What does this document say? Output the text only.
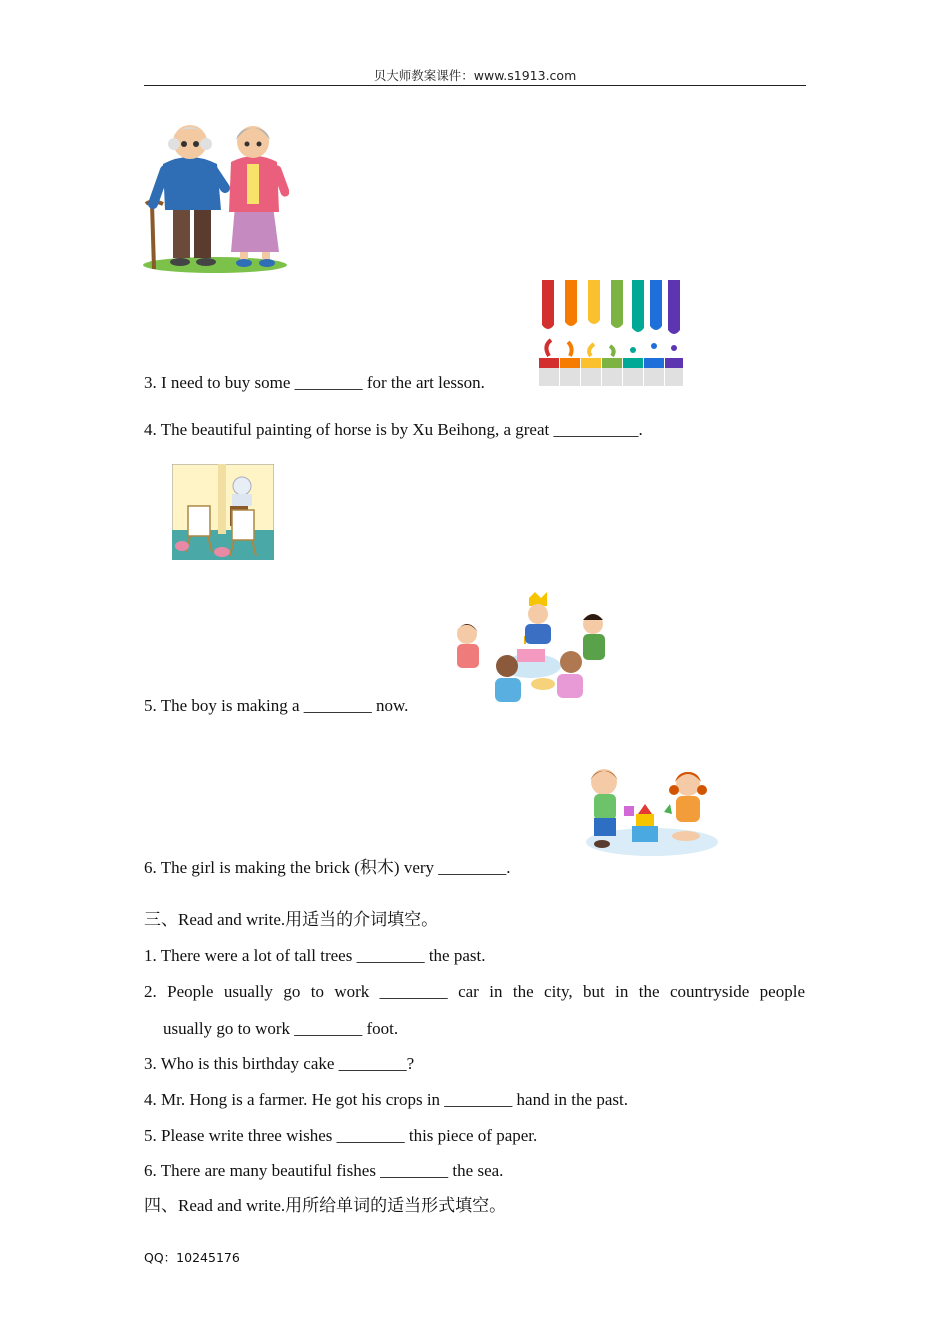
贝大师教案课件：www.s1913.com
3. I need to buy some ________ for the art lesson.
4. The beautiful painting of horse is by Xu Beihong, a great __________.
5. The boy is making a ________ now.
6. The girl is making the brick (积木) very ________.
三、Read and write.用适当的介词填空。
1. There were a lot of tall trees ________ the past.
2. People usually go to work ________ car in the city, but in the countryside people
usually go to work ________ foot.
3. Who is this birthday cake ________?
4. Mr. Hong is a farmer. He got his crops in ________ hand in the past.
5. Please write three wishes ________ this piece of paper.
6. There are many beautiful fishes ________ the sea.
四、Read and write.用所给单词的适当形式填空。
QQ：10245176
